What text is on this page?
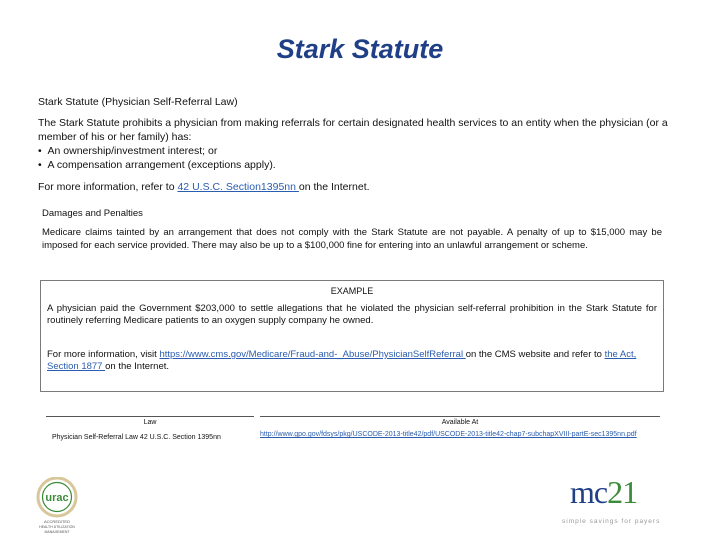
Stark Statute
Stark Statute (Physician Self-Referral Law)

The Stark Statute prohibits a physician from making referrals for certain designated health services to an entity when the physician (or a member of his or her family) has:

•  An ownership/investment interest; or

•  A compensation arrangement (exceptions apply).

For more information, refer to 42 U.S.C. Section1395nn on the Internet.
Damages and Penalties
Medicare claims tainted by an arrangement that does not comply with the Stark Statute are not payable. A penalty of up to $15,000 may be imposed for each service provided. There may also be up to a $100,000 fine for entering into an unlawful arrangement or scheme.
EXAMPLE
A physician paid the Government $203,000 to settle allegations that he violated the physician self-referral prohibition in the Stark Statute for routinely referring Medicare patients to an oxygen supply company he owned.
For more information, visit https://www.cms.gov/Medicare/Fraud-and-_Abuse/PhysicianSelfReferral on the CMS website and refer to the Act, Section 1877 on the Internet.
Law
Physician Self-Referral Law 42 U.S.C. Section 1395nn
Available At
http://www.gpo.gov/fdsys/pkg/USCODE-2013-title42/pdf/USCODE-2013-title42-chap7-subchapXVIII-partE-sec1395nn.pdf
urac
ACCREDITED
HEALTH UTILIZATION
MANAGEMENT
mc21
simple savings for payers
